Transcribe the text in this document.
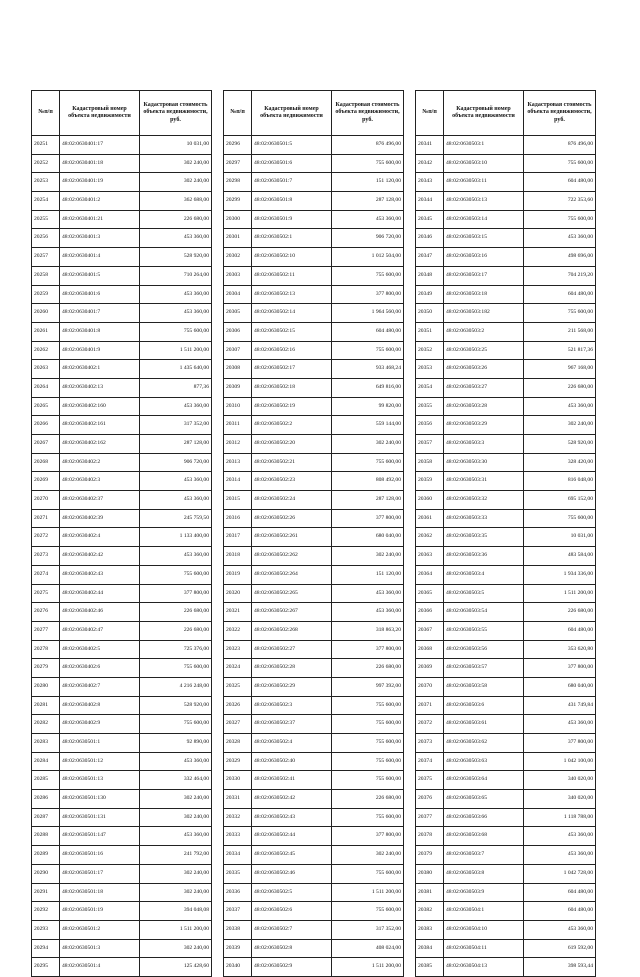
№п/п	Кадастровый номер объекта недвижимости	Кадастровая стоимость объекта недвижимости, руб.
20251	48:02:0630401:17	10 031,00
20252	48:02:0630401:18	302 240,00
20253	48:02:0630401:19	302 240,00
20254	48:02:0630401:2	362 688,00
20255	48:02:0630401:21	226 680,00
20256	48:02:0630401:3	453 360,00
20257	48:02:0630401:4	528 920,00
20258	48:02:0630401:5	710 264,00
20259	48:02:0630401:6	453 360,00
20260	48:02:0630401:7	453 360,00
20261	48:02:0630401:8	755 600,00
20262	48:02:0630401:9	1 511 200,00
20263	48:02:0630402:1	1 435 640,00
20264	48:02:0630402:13	877,36
20265	48:02:0630402:160	453 360,00
20266	48:02:0630402:161	317 352,00
20267	48:02:0630402:162	287 128,00
20268	48:02:0630402:2	906 720,00
20269	48:02:0630402:3	453 360,00
20270	48:02:0630402:37	453 360,00
20271	48:02:0630402:39	245 759,50
20272	48:02:0630402:4	1 133 400,00
20273	48:02:0630402:42	453 360,00
20274	48:02:0630402:43	755 600,00
20275	48:02:0630402:44	377 800,00
20276	48:02:0630402:46	226 680,00
20277	48:02:0630402:47	226 680,00
20278	48:02:0630402:5	725 376,00
20279	48:02:0630402:6	755 600,00
20280	48:02:0630402:7	4 216 248,00
20281	48:02:0630402:8	528 920,00
20282	48:02:0630402:9	755 600,00
20283	48:02:0630501:1	92 890,00
20284	48:02:0630501:12	453 360,00
20285	48:02:0630501:13	332 464,00
20286	48:02:0630501:130	302 240,00
20287	48:02:0630501:131	302 240,00
20288	48:02:0630501:147	453 360,00
20289	48:02:0630501:16	241 792,00
20290	48:02:0630501:17	302 240,00
20291	48:02:0630501:18	302 240,00
20292	48:02:0630501:19	394 048,08
20293	48:02:0630501:2	1 511 200,00
20294	48:02:0630501:3	302 240,00
20295	48:02:0630501:4	125 428,60
№п/п	Кадастровый номер объекта недвижимости	Кадастровая стоимость объекта недвижимости, руб.
20296	48:02:0630501:5	876 496,00
20297	48:02:0630501:6	755 600,00
20298	48:02:0630501:7	151 120,00
20299	48:02:0630501:8	287 128,00
20300	48:02:0630501:9	453 360,00
20301	48:02:0630502:1	906 720,00
20302	48:02:0630502:10	1 012 504,00
20303	48:02:0630502:11	755 600,00
20304	48:02:0630502:13	377 800,00
20305	48:02:0630502:14	1 964 560,00
20306	48:02:0630502:15	604 480,00
20307	48:02:0630502:16	755 600,00
20308	48:02:0630502:17	933 468,24
20309	48:02:0630502:18	649 816,00
20310	48:02:0630502:19	99 820,00
20311	48:02:0630502:2	559 144,00
20312	48:02:0630502:20	302 240,00
20313	48:02:0630502:21	755 600,00
20314	48:02:0630502:23	808 492,00
20315	48:02:0630502:24	287 128,00
20316	48:02:0630502:26	377 800,00
20317	48:02:0630502:261	680 040,00
20318	48:02:0630502:262	302 240,00
20319	48:02:0630502:264	151 120,00
20320	48:02:0630502:265	453 360,00
20321	48:02:0630502:267	453 360,00
20322	48:02:0630502:268	318 863,20
20323	48:02:0630502:27	377 800,00
20324	48:02:0630502:28	226 680,00
20325	48:02:0630502:29	997 392,00
20326	48:02:0630502:3	755 600,00
20327	48:02:0630502:37	755 600,00
20328	48:02:0630502:4	755 600,00
20329	48:02:0630502:40	755 600,00
20330	48:02:0630502:41	755 600,00
20331	48:02:0630502:42	226 680,00
20332	48:02:0630502:43	755 600,00
20333	48:02:0630502:44	377 800,00
20334	48:02:0630502:45	302 240,00
20335	48:02:0630502:46	755 600,00
20336	48:02:0630502:5	1 511 200,00
20337	48:02:0630502:6	755 600,00
20338	48:02:0630502:7	317 352,00
20339	48:02:0630502:8	408 024,00
20340	48:02:0630502:9	1 511 200,00
№п/п	Кадастровый номер объекта недвижимости	Кадастровая стоимость объекта недвижимости, руб.
20341	48:02:0630503:1	876 496,00
20342	48:02:0630503:10	755 600,00
20343	48:02:0630503:11	604 480,00
20344	48:02:0630503:13	722 353,60
20345	48:02:0630503:14	755 600,00
20346	48:02:0630503:15	453 360,00
20347	48:02:0630503:16	498 696,00
20348	48:02:0630503:17	704 219,20
20349	48:02:0630503:18	604 480,00
20350	48:02:0630503:182	755 600,00
20351	48:02:0630503:2	211 568,00
20352	48:02:0630503:25	521 817,36
20353	48:02:0630503:26	967 168,00
20354	48:02:0630503:27	226 680,00
20355	48:02:0630503:28	453 360,00
20356	48:02:0630503:29	302 240,00
20357	48:02:0630503:3	528 920,00
20358	48:02:0630503:30	328 420,00
20359	48:02:0630503:31	816 048,00
20360	48:02:0630503:32	695 152,00
20361	48:02:0630503:33	755 600,00
20362	48:02:0630503:35	10 031,00
20363	48:02:0630503:36	483 584,00
20364	48:02:0630503:4	1 934 336,00
20365	48:02:0630503:5	1 511 200,00
20366	48:02:0630503:54	226 680,00
20367	48:02:0630503:55	604 480,00
20368	48:02:0630503:56	353 620,80
20369	48:02:0630503:57	377 800,00
20370	48:02:0630503:58	680 040,00
20371	48:02:0630503:6	431 749,84
20372	48:02:0630503:61	453 360,00
20373	48:02:0630503:62	377 800,00
20374	48:02:0630503:63	1 042 100,00
20375	48:02:0630503:64	340 020,00
20376	48:02:0630503:65	340 020,00
20377	48:02:0630503:66	1 118 788,00
20378	48:02:0630503:68	453 360,00
20379	48:02:0630503:7	453 360,00
20380	48:02:0630503:8	1 042 728,00
20381	48:02:0630503:9	604 480,00
20382	48:02:0630504:1	604 480,00
20383	48:02:0630504:10	453 360,00
20384	48:02:0630504:11	619 592,00
20385	48:02:0630504:13	398 593,44
